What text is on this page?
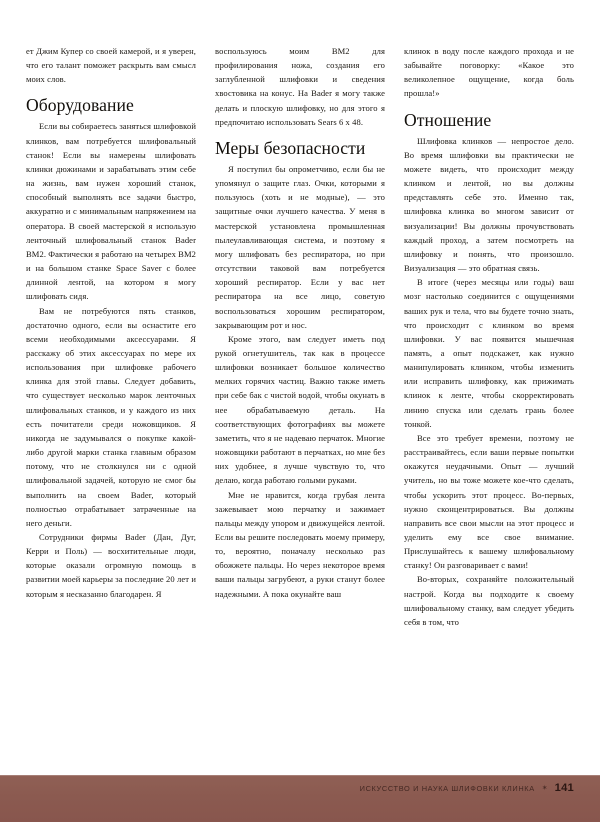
ет Джим Купер со своей камерой, и я уверен, что его талант поможет раскрыть вам смысл моих слов.

Оборудование

Если вы собираетесь заняться шлифовкой клинков, вам потребуется шлифовальный станок! Если вы намерены шлифовать клинки дюжинами и зарабатывать этим себе на жизнь, вам нужен хороший станок, способный выполнять все задачи быстро, аккуратно и с минимальным напряжением на оператора. В своей мастерской я использую ленточный шлифовальный станок Bader BM2. Фактически я работаю на четырех BM2 и на большом станке Space Saver с более длинной лентой, на котором я могу шлифовать сидя.

Вам не потребуются пять станков, достаточно одного, если вы оснастите его всеми необходимыми аксессуарами. Я расскажу об этих аксессуарах по мере их использования при шлифовке рабочего клинка для этой главы. Следует добавить, что существует несколько марок ленточных шлифовальных станков, и у каждого из них есть почитатели среди ножовщиков. Я никогда не задумывался о покупке какой-либо другой марки станка главным образом потому, что не столкнулся ни с одной шлифовальной задачей, которую не смог бы выполнить на своем Bader, который полностью отрабатывает затраченные на него деньги.

Сотрудники фирмы Bader (Дан, Дуг, Керри и Поль) — восхитительные люди, которые оказали огромную помощь в развитии моей карьеры за последние 20 лет и которым я несказанно благодарен. Я

воспользуюсь моим BM2 для профилирования ножа, создания его заглубленной шлифовки и сведения хвостовика на конус. На Bader я могу также делать и плоскую шлифовку, но для этого я предпочитаю использовать Sears 6 x 48.

Меры безопасности

Я поступил бы опрометчиво, если бы не упомянул о защите глаз. Очки, которыми я пользуюсь (хоть и не модные), — это защитные очки лучшего качества. У меня в мастерской установлена промышленная пылеулавливающая система, и поэтому я могу шлифовать без респиратора, но при отсутствии таковой вам потребуется хороший респиратор. Если у вас нет респиратора на все лицо, советую воспользоваться хорошим респиратором, закрывающим рот и нос.

Кроме этого, вам следует иметь под рукой огнетушитель, так как в процессе шлифовки возникает большое количество мелких горячих частиц. Важно также иметь при себе бак с чистой водой, чтобы окунать в нее обрабатываемую деталь. На соответствующих фотографиях вы можете заметить, что я не надеваю перчаток. Многие ножовщики работают в перчатках, но мне без них удобнее, я лучше чувствую то, что делаю, когда работаю голыми руками.

Мне не нравится, когда грубая лента зажевывает мою перчатку и зажимает пальцы между упором и движущейся лентой. Если вы решите последовать моему примеру, то, вероятно, поначалу несколько раз обожжете пальцы. Но через некоторое время ваши пальцы загрубеют, а руки станут более надежными. А пока окунайте ваш

клинок в воду после каждого прохода и не забывайте поговорку: «Какое это великолепное ощущение, когда боль прошла!»

Отношение

Шлифовка клинков — непростое дело. Во время шлифовки вы практически не можете видеть, что происходит между клинком и лентой, но вы должны представлять себе это. Именно так, шлифовка клинка во многом зависит от визуализации! Вы должны прочувствовать каждый проход, а затем посмотреть на шлифовку и понять, что произошло. Визуализация — это обратная связь.

В итоге (через месяцы или годы) ваш мозг настолько соединится с ощущениями ваших рук и тела, что вы будете точно знать, что происходит с клинком во время шлифовки. У вас появится мышечная память, а опыт подскажет, как нужно манипулировать клинком, чтобы изменить или исправить шлифовку, как прижимать клинок к ленте, чтобы скорректировать линию спуска или сделать грань более тонкой.

Все это требует времени, поэтому не расстраивайтесь, если ваши первые попытки окажутся неудачными. Опыт — лучший учитель, но вы тоже можете кое-что сделать, чтобы ускорить этот процесс. Во-первых, нужно сконцентрироваться. Вы должны направить все свои мысли на этот процесс и уделить ему все свое внимание. Прислушайтесь к вашему шлифовальному станку! Он разговаривает с вами!

Во-вторых, сохраняйте положительный настрой. Когда вы подходите к своему шлифовальному станку, вам следует убедить себя в том, что

ИСКУССТВО И НАУКА ШЛИФОВКИ КЛИНКА ✶ 141
